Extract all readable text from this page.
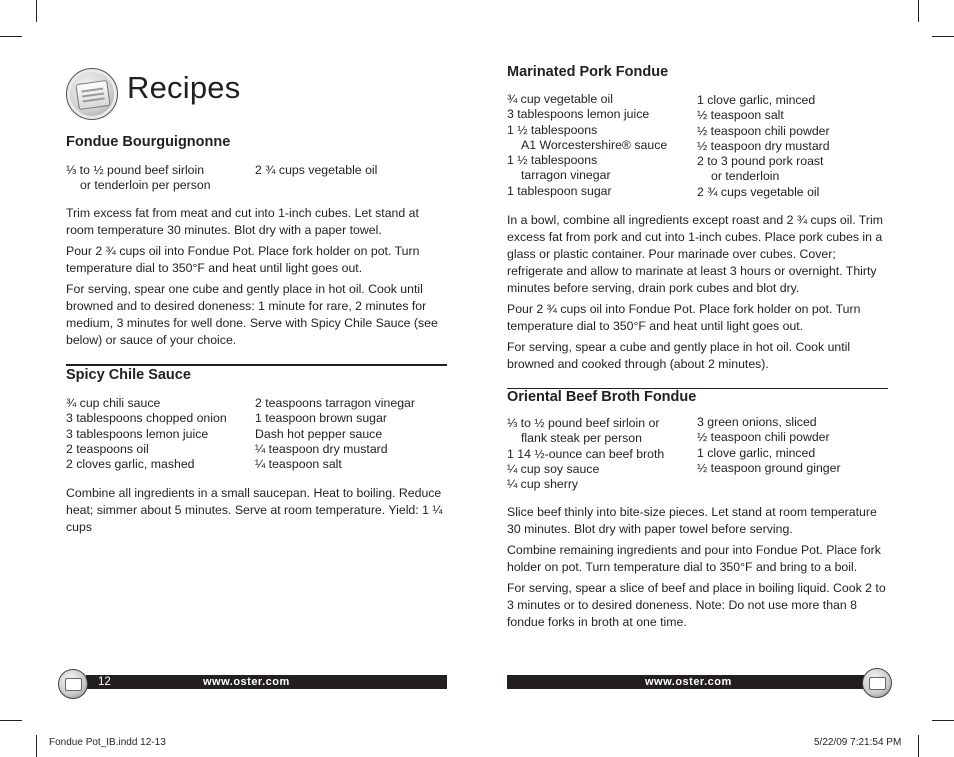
Recipes
Fondue Bourguignonne
⅓ to ½ pound beef sirloin
or tenderloin per person
2 ¾ cups vegetable oil

Trim excess fat from meat and cut into 1-inch cubes. Let stand at room temperature 30 minutes. Blot dry with a paper towel.

Pour 2 ¾ cups oil into Fondue Pot. Place fork holder on pot. Turn temperature dial to 350°F and heat until light goes out.

For serving, spear one cube and gently place in hot oil. Cook until browned and to desired doneness: 1 minute for rare, 2 minutes for medium, 3 minutes for well done. Serve with Spicy Chile Sauce (see below) or sauce of your choice.

Spicy Chile Sauce
¾ cup chili sauce
3 tablespoons chopped onion
3 tablespoons lemon juice
2 teaspoons oil
2 cloves garlic, mashed
2 teaspoons tarragon vinegar
1 teaspoon brown sugar
Dash hot pepper sauce
¼ teaspoon dry mustard
¼ teaspoon salt

Combine all ingredients in a small saucepan. Heat to boiling. Reduce heat; simmer about 5 minutes. Serve at room temperature. Yield: 1 ¼ cups

www.oster.com
12
Marinated Pork Fondue
¾ cup vegetable oil
3 tablespoons lemon juice
1 ½ tablespoons
A1 Worcestershire® sauce
1 ½ tablespoons
tarragon vinegar
1 tablespoon sugar
1 clove garlic, minced
½ teaspoon salt
½ teaspoon chili powder
½ teaspoon dry mustard
2 to 3 pound pork roast
or tenderloin
2 ¾ cups vegetable oil

In a bowl, combine all ingredients except roast and 2 ¾ cups oil. Trim excess fat from pork and cut into 1-inch cubes. Place pork cubes in a glass or plastic container. Pour marinade over cubes. Cover; refrigerate and allow to marinate at least 3 hours or overnight. Thirty minutes before serving, drain pork cubes and blot dry.

Pour 2 ¾ cups oil into Fondue Pot. Place fork holder on pot. Turn temperature dial to 350°F and heat until light goes out.

For serving, spear a cube and gently place in hot oil. Cook until browned and cooked through (about 2 minutes).

Oriental Beef Broth Fondue
⅓ to ½ pound beef sirloin or
flank steak per person
1 14 ½-ounce can beef broth
¼ cup soy sauce
¼ cup sherry
3 green onions, sliced
½ teaspoon chili powder
1 clove garlic, minced
½ teaspoon ground ginger

Slice beef thinly into bite-size pieces. Let stand at room temperature 30 minutes. Blot dry with paper towel before serving.

Combine remaining ingredients and pour into Fondue Pot. Place fork holder on pot. Turn temperature dial to 350°F and bring to a boil.

For serving, spear a slice of beef and place in boiling liquid. Cook 2 to 3 minutes or to desired doneness. Note: Do not use more than 8 fondue forks in broth at one time.

www.oster.com	13
Fondue Pot_IB.indd 12-13	5/22/09 7:21:54 PM
